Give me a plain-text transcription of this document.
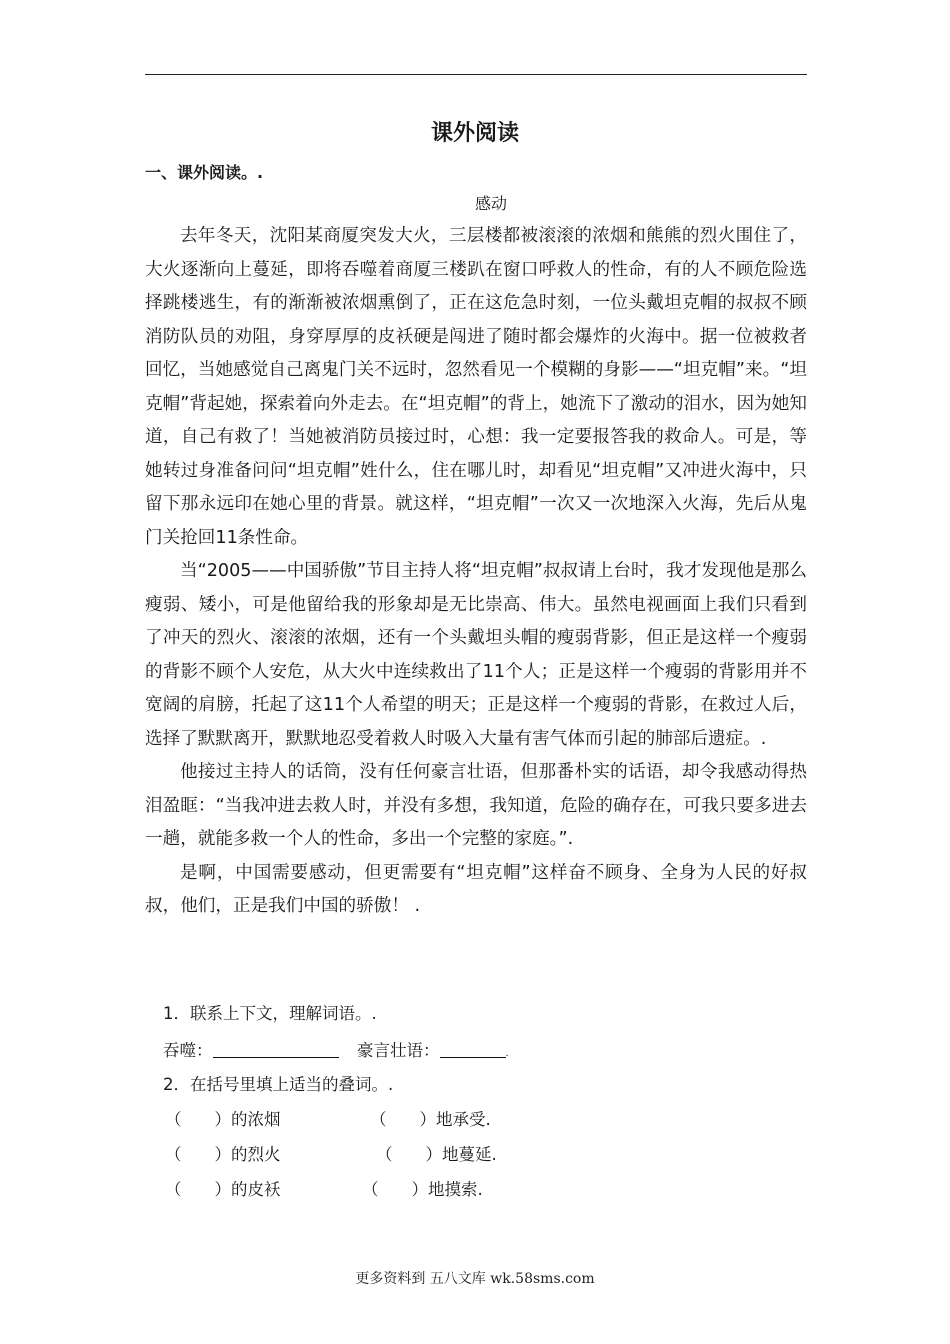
课外阅读
一、课外阅读。.
感动

去年冬天，沈阳某商厦突发大火，三层楼都被滚滚的浓烟和熊熊的烈火围住了，大火逐渐向上蔓延，即将吞噬着商厦三楼趴在窗口呼救人的性命，有的人不顾危险选择跳楼逃生，有的渐渐被浓烟熏倒了，正在这危急时刻，一位头戴坦克帽的叔叔不顾消防队员的劝阻，身穿厚厚的皮袄硬是闯进了随时都会爆炸的火海中。据一位被救者回忆，当她感觉自己离鬼门关不远时，忽然看见一个模糊的身影——“坦克帽”来。“坦克帽”背起她，探索着向外走去。在“坦克帽”的背上，她流下了激动的泪水，因为她知道，自己有救了！当她被消防员接过时，心想：我一定要报答我的救命人。可是，等她转过身准备问问“坦克帽”姓什么，住在哪儿时，却看见“坦克帽”又冲进火海中，只留下那永远印在她心里的背景。就这样，“坦克帽”一次又一次地深入火海，先后从鬼门关抢回11条性命。

当“2005——中国骄傲”节目主持人将“坦克帽”叔叔请上台时，我才发现他是那么瘦弱、矮小，可是他留给我的形象却是无比崇高、伟大。虽然电视画面上我们只看到了冲天的烈火、滚滚的浓烟，还有一个头戴坦头帽的瘦弱背影，但正是这样一个瘦弱的背影不顾个人安危，从大火中连续救出了11个人；正是这样一个瘦弱的背影用并不宽阔的肩膀，托起了这11个人希望的明天；正是这样一个瘦弱的背影，在救过人后，选择了默默离开，默默地忍受着救人时吸入大量有害气体而引起的肺部后遗症。.

他接过主持人的话筒，没有任何豪言壮语，但那番朴实的话语，却令我感动得热泪盈眶：“当我冲进去救人时，并没有多想，我知道，危险的确存在，可我只要多进去一趟，就能多救一个人的性命，多出一个完整的家庭。”.

是啊，中国需要感动，但更需要有“坦克帽”这样奋不顾身、全身为人民的好叔叔，他们，正是我们中国的骄傲！ .

1．联系上下文，理解词语。.
吞噬：	豪言壮语：	.
2．在括号里填上适当的叠词。.
（　　）的浓烟	（　　）地承受.
（　　）的烈火	（　　）地蔓延.
（　　）的皮袄	（　　）地摸索.
更多资料到 五八文库 wk.58sms.com
